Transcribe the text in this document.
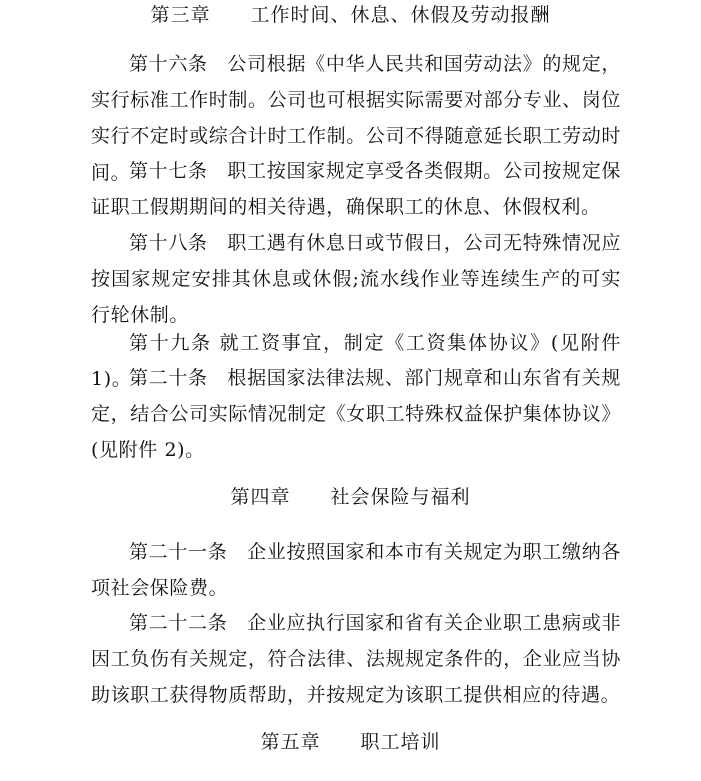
第三章　　工作时间、休息、休假及劳动报酬

第十六条　公司根据《中华人民共和国劳动法》的规定，实行标准工作时制。公司也可根据实际需要对部分专业、岗位实行不定时或综合计时工作制。公司不得随意延长职工劳动时间。

第十七条　职工按国家规定享受各类假期。公司按规定保证职工假期期间的相关待遇，确保职工的休息、休假权利。

第十八条　职工遇有休息日或节假日，公司无特殊情况应按国家规定安排其休息或休假;流水线作业等连续生产的可实行轮休制。

第十九条 就工资事宜，制定《工资集体协议》(见附件 1)。

第二十条　根据国家法律法规、部门规章和山东省有关规定，结合公司实际情况制定《女职工特殊权益保护集体协议》(见附件 2)。

第四章　　社会保险与福利

第二十一条　企业按照国家和本市有关规定为职工缴纳各项社会保险费。

第二十二条　企业应执行国家和省有关企业职工患病或非因工负伤有关规定，符合法律、法规规定条件的，企业应当协助该职工获得物质帮助，并按规定为该职工提供相应的待遇。

第五章　　职工培训
